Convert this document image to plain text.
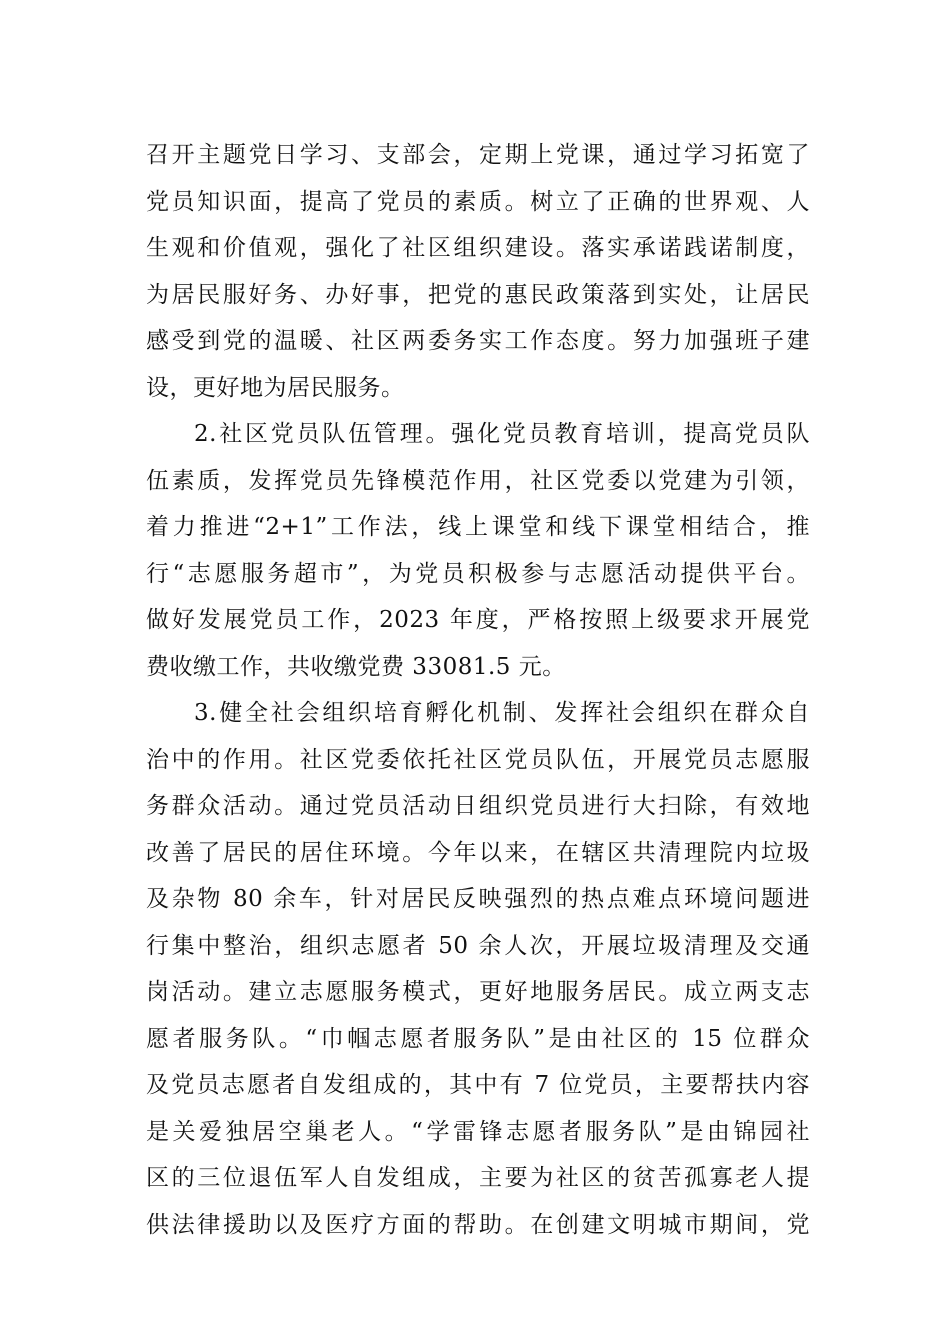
召开主题党日学习、支部会，定期上党课，通过学习拓宽了
党员知识面，提高了党员的素质。树立了正确的世界观、人
生观和价值观，强化了社区组织建设。落实承诺践诺制度，
为居民服好务、办好事，把党的惠民政策落到实处，让居民
感受到党的温暖、社区两委务实工作态度。努力加强班子建
设，更好地为居民服务。
2.社区党员队伍管理。强化党员教育培训，提高党员队
伍素质，发挥党员先锋模范作用，社区党委以党建为引领，
着力推进“2+1”工作法，线上课堂和线下课堂相结合，推
行“志愿服务超市”，为党员积极参与志愿活动提供平台。
做好发展党员工作，2023 年度，严格按照上级要求开展党
费收缴工作，共收缴党费 33081.5 元。
3.健全社会组织培育孵化机制、发挥社会组织在群众自
治中的作用。社区党委依托社区党员队伍，开展党员志愿服
务群众活动。通过党员活动日组织党员进行大扫除，有效地
改善了居民的居住环境。今年以来，在辖区共清理院内垃圾
及杂物 80 余车，针对居民反映强烈的热点难点环境问题进
行集中整治，组织志愿者 50 余人次，开展垃圾清理及交通
岗活动。建立志愿服务模式，更好地服务居民。成立两支志
愿者服务队。“巾帼志愿者服务队”是由社区的 15 位群众
及党员志愿者自发组成的，其中有 7 位党员，主要帮扶内容
是关爱独居空巢老人。“学雷锋志愿者服务队”是由锦园社
区的三位退伍军人自发组成，主要为社区的贫苦孤寡老人提
供法律援助以及医疗方面的帮助。在创建文明城市期间，党
